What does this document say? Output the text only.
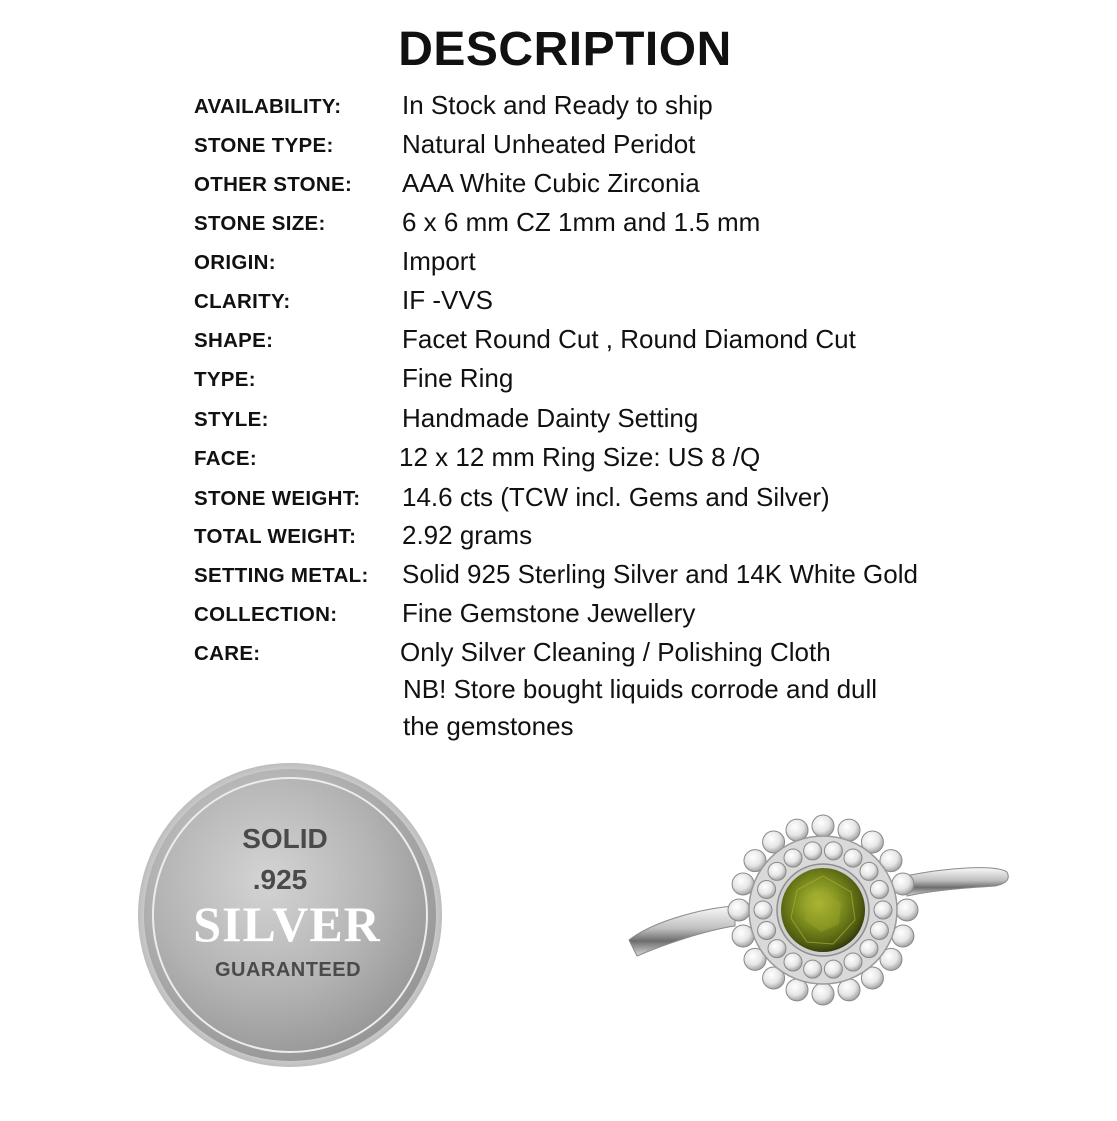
DESCRIPTION
AVAILABILITY: In Stock and Ready to ship
STONE TYPE:	Natural Unheated Peridot
OTHER STONE: AAA White Cubic Zirconia
STONE SIZE:	6 x 6 mm CZ 1mm and 1.5 mm
ORIGIN:	Import
CLARITY:	IF -VVS
SHAPE:	Facet Round Cut , Round Diamond Cut
TYPE:	Fine Ring
STYLE:	Handmade Dainty Setting
FACE:	12 x 12 mm Ring Size: US 8 /Q
STONE WEIGHT: 14.6 cts (TCW incl. Gems and Silver)
TOTAL WEIGHT: 2.92 grams
SETTING METAL: Solid 925 Sterling Silver and 14K White Gold
COLLECTION: Fine Gemstone Jewellery
CARE:	Only Silver Cleaning / Polishing Cloth
NB! Store bought liquids corrode and dull
the gemstones
SOLID
.925
SILVER
GUARANTEED
